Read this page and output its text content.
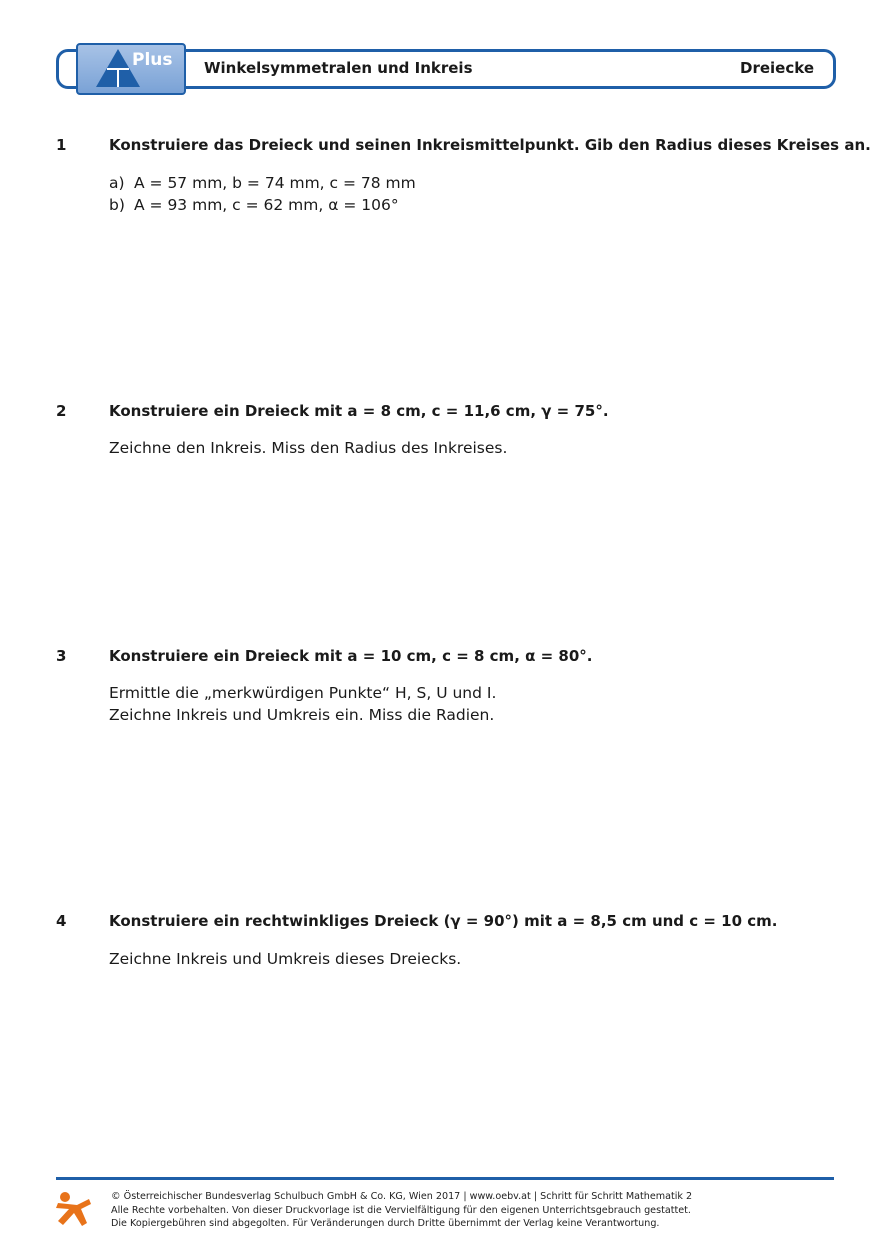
Plus Winkelsymmetralen und Inkreis	Dreiecke
1	Konstruiere das Dreieck und seinen Inkreismittelpunkt. Gib den Radius dieses Kreises an.
a) A = 57 mm, b = 74 mm, c = 78 mm
b) A = 93 mm, c = 62 mm, α = 106°
2	Konstruiere ein Dreieck mit a = 8 cm, c = 11,6 cm, γ = 75°.
Zeichne den Inkreis. Miss den Radius des Inkreises.
3	Konstruiere ein Dreieck mit a = 10 cm, c = 8 cm, α = 80°.
Ermittle die „merkwürdigen Punkte“ H, S, U und I.
Zeichne Inkreis und Umkreis ein. Miss die Radien.
4	Konstruiere ein rechtwinkliges Dreieck (γ = 90°) mit a = 8,5 cm und c = 10 cm.
Zeichne Inkreis und Umkreis dieses Dreiecks.
© Österreichischer Bundesverlag Schulbuch GmbH & Co. KG, Wien 2017 | www.oebv.at | Schritt für Schritt Mathematik 2
Alle Rechte vorbehalten. Von dieser Druckvorlage ist die Vervielfältigung für den eigenen Unterrichtsgebrauch gestattet.
Die Kopiergebühren sind abgegolten. Für Veränderungen durch Dritte übernimmt der Verlag keine Verantwortung.
